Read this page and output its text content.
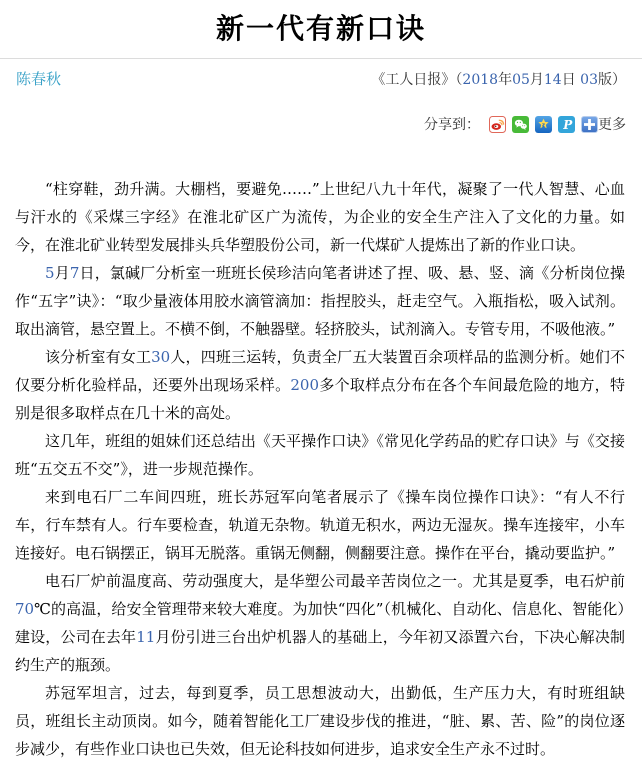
新一代有新口诀
陈春秋	《工人日报》（2018年05月14日 03版）
分享到：	z P 更多

“柱穿鞋，劲升满。大棚档，要避免……”上世纪八九十年代，凝聚了一代人智慧、心血与汗水的《采煤三字经》在淮北矿区广为流传，为企业的安全生产注入了文化的力量。如今，在淮北矿业转型发展排头兵华塑股份公司，新一代煤矿人提炼出了新的作业口诀。

5月7日，氯碱厂分析室一班班长侯珍洁向笔者讲述了捏、吸、悬、竖、滴《分析岗位操作“五字”诀》：“取少量液体用胶水滴管滴加：指捏胶头，赶走空气。入瓶指松，吸入试剂。取出滴管，悬空置上。不横不倒，不触器壁。轻挤胶头，试剂滴入。专管专用，不吸他液。”

该分析室有女工30人，四班三运转，负责全厂五大装置百余项样品的监测分析。她们不仅要分析化验样品，还要外出现场采样。200多个取样点分布在各个车间最危险的地方，特别是很多取样点在几十米的高处。

这几年，班组的姐妹们还总结出《天平操作口诀》《常见化学药品的贮存口诀》与《交接班“五交五不交”》，进一步规范操作。

来到电石厂二车间四班，班长苏冠军向笔者展示了《操车岗位操作口诀》：“有人不行车，行车禁有人。行车要检查，轨道无杂物。轨道无积水，两边无湿灰。操车连接牢，小车连接好。电石锅摆正，锅耳无脱落。重锅无侧翻，侧翻要注意。操作在平台，撬动要监护。”

电石厂炉前温度高、劳动强度大，是华塑公司最辛苦岗位之一。尤其是夏季，电石炉前70℃的高温，给安全管理带来较大难度。为加快“四化”（机械化、自动化、信息化、智能化）建设，公司在去年11月份引进三台出炉机器人的基础上，今年初又添置六台，下决心解决制约生产的瓶颈。

苏冠军坦言，过去，每到夏季，员工思想波动大，出勤低，生产压力大，有时班组缺员，班组长主动顶岗。如今，随着智能化工厂建设步伐的推进，“脏、累、苦、险”的岗位逐步减少，有些作业口诀也已失效，但无论科技如何进步，追求安全生产永不过时。
